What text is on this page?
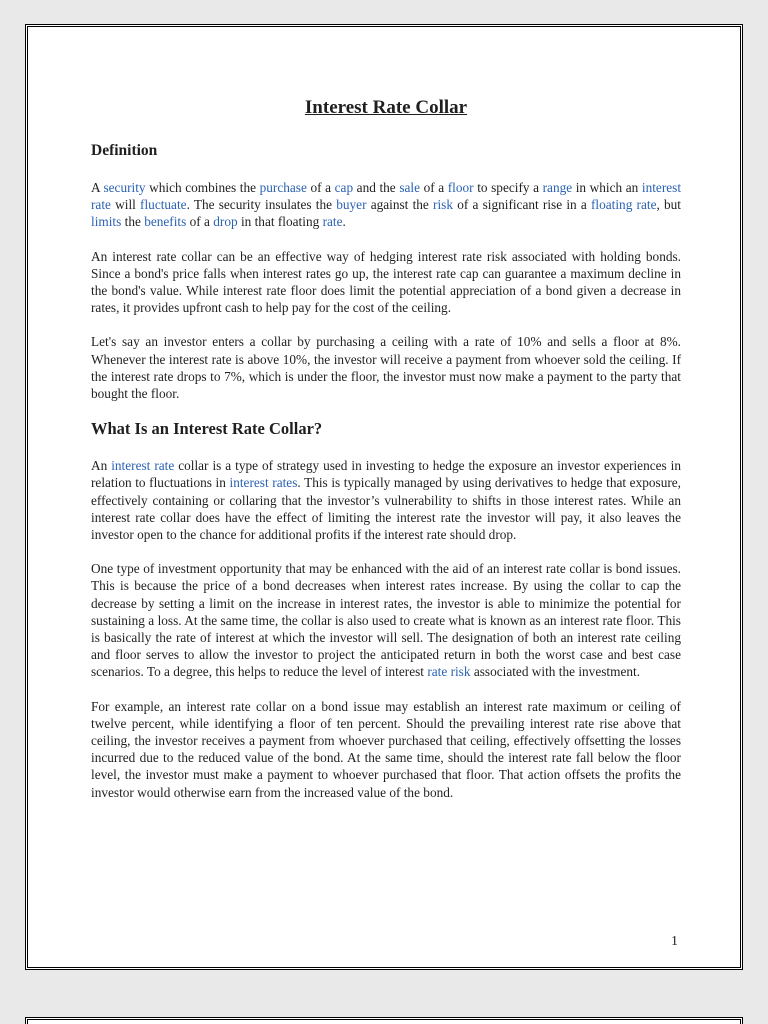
Interest Rate Collar
Definition

A security which combines the purchase of a cap and the sale of a floor to specify a range in which an interest rate will fluctuate. The security insulates the buyer against the risk of a significant rise in a floating rate, but limits the benefits of a drop in that floating rate.

An interest rate collar can be an effective way of hedging interest rate risk associated with holding bonds. Since a bond's price falls when interest rates go up, the interest rate cap can guarantee a maximum decline in the bond's value. While interest rate floor does limit the potential appreciation of a bond given a decrease in rates, it provides upfront cash to help pay for the cost of the ceiling.

Let's say an investor enters a collar by purchasing a ceiling with a rate of 10% and sells a floor at 8%. Whenever the interest rate is above 10%, the investor will receive a payment from whoever sold the ceiling. If the interest rate drops to 7%, which is under the floor, the investor must now make a payment to the party that bought the floor.

What Is an Interest Rate Collar?

An interest rate collar is a type of strategy used in investing to hedge the exposure an investor experiences in relation to fluctuations in interest rates. This is typically managed by using derivatives to hedge that exposure, effectively containing or collaring that the investor’s vulnerability to shifts in those interest rates. While an interest rate collar does have the effect of limiting the interest rate the investor will pay, it also leaves the investor open to the chance for additional profits if the interest rate should drop.

One type of investment opportunity that may be enhanced with the aid of an interest rate collar is bond issues. This is because the price of a bond decreases when interest rates increase. By using the collar to cap the decrease by setting a limit on the increase in interest rates, the investor is able to minimize the potential for sustaining a loss. At the same time, the collar is also used to create what is known as an interest rate floor. This is basically the rate of interest at which the investor will sell. The designation of both an interest rate ceiling and floor serves to allow the investor to project the anticipated return in both the worst case and best case scenarios. To a degree, this helps to reduce the level of interest rate risk associated with the investment.

For example, an interest rate collar on a bond issue may establish an interest rate maximum or ceiling of twelve percent, while identifying a floor of ten percent. Should the prevailing interest rate rise above that ceiling, the investor receives a payment from whoever purchased that ceiling, effectively offsetting the losses incurred due to the reduced value of the bond. At the same time, should the interest rate fall below the floor level, the investor must make a payment to whoever purchased that floor. That action offsets the profits the investor would otherwise earn from the increased value of the bond.

1
